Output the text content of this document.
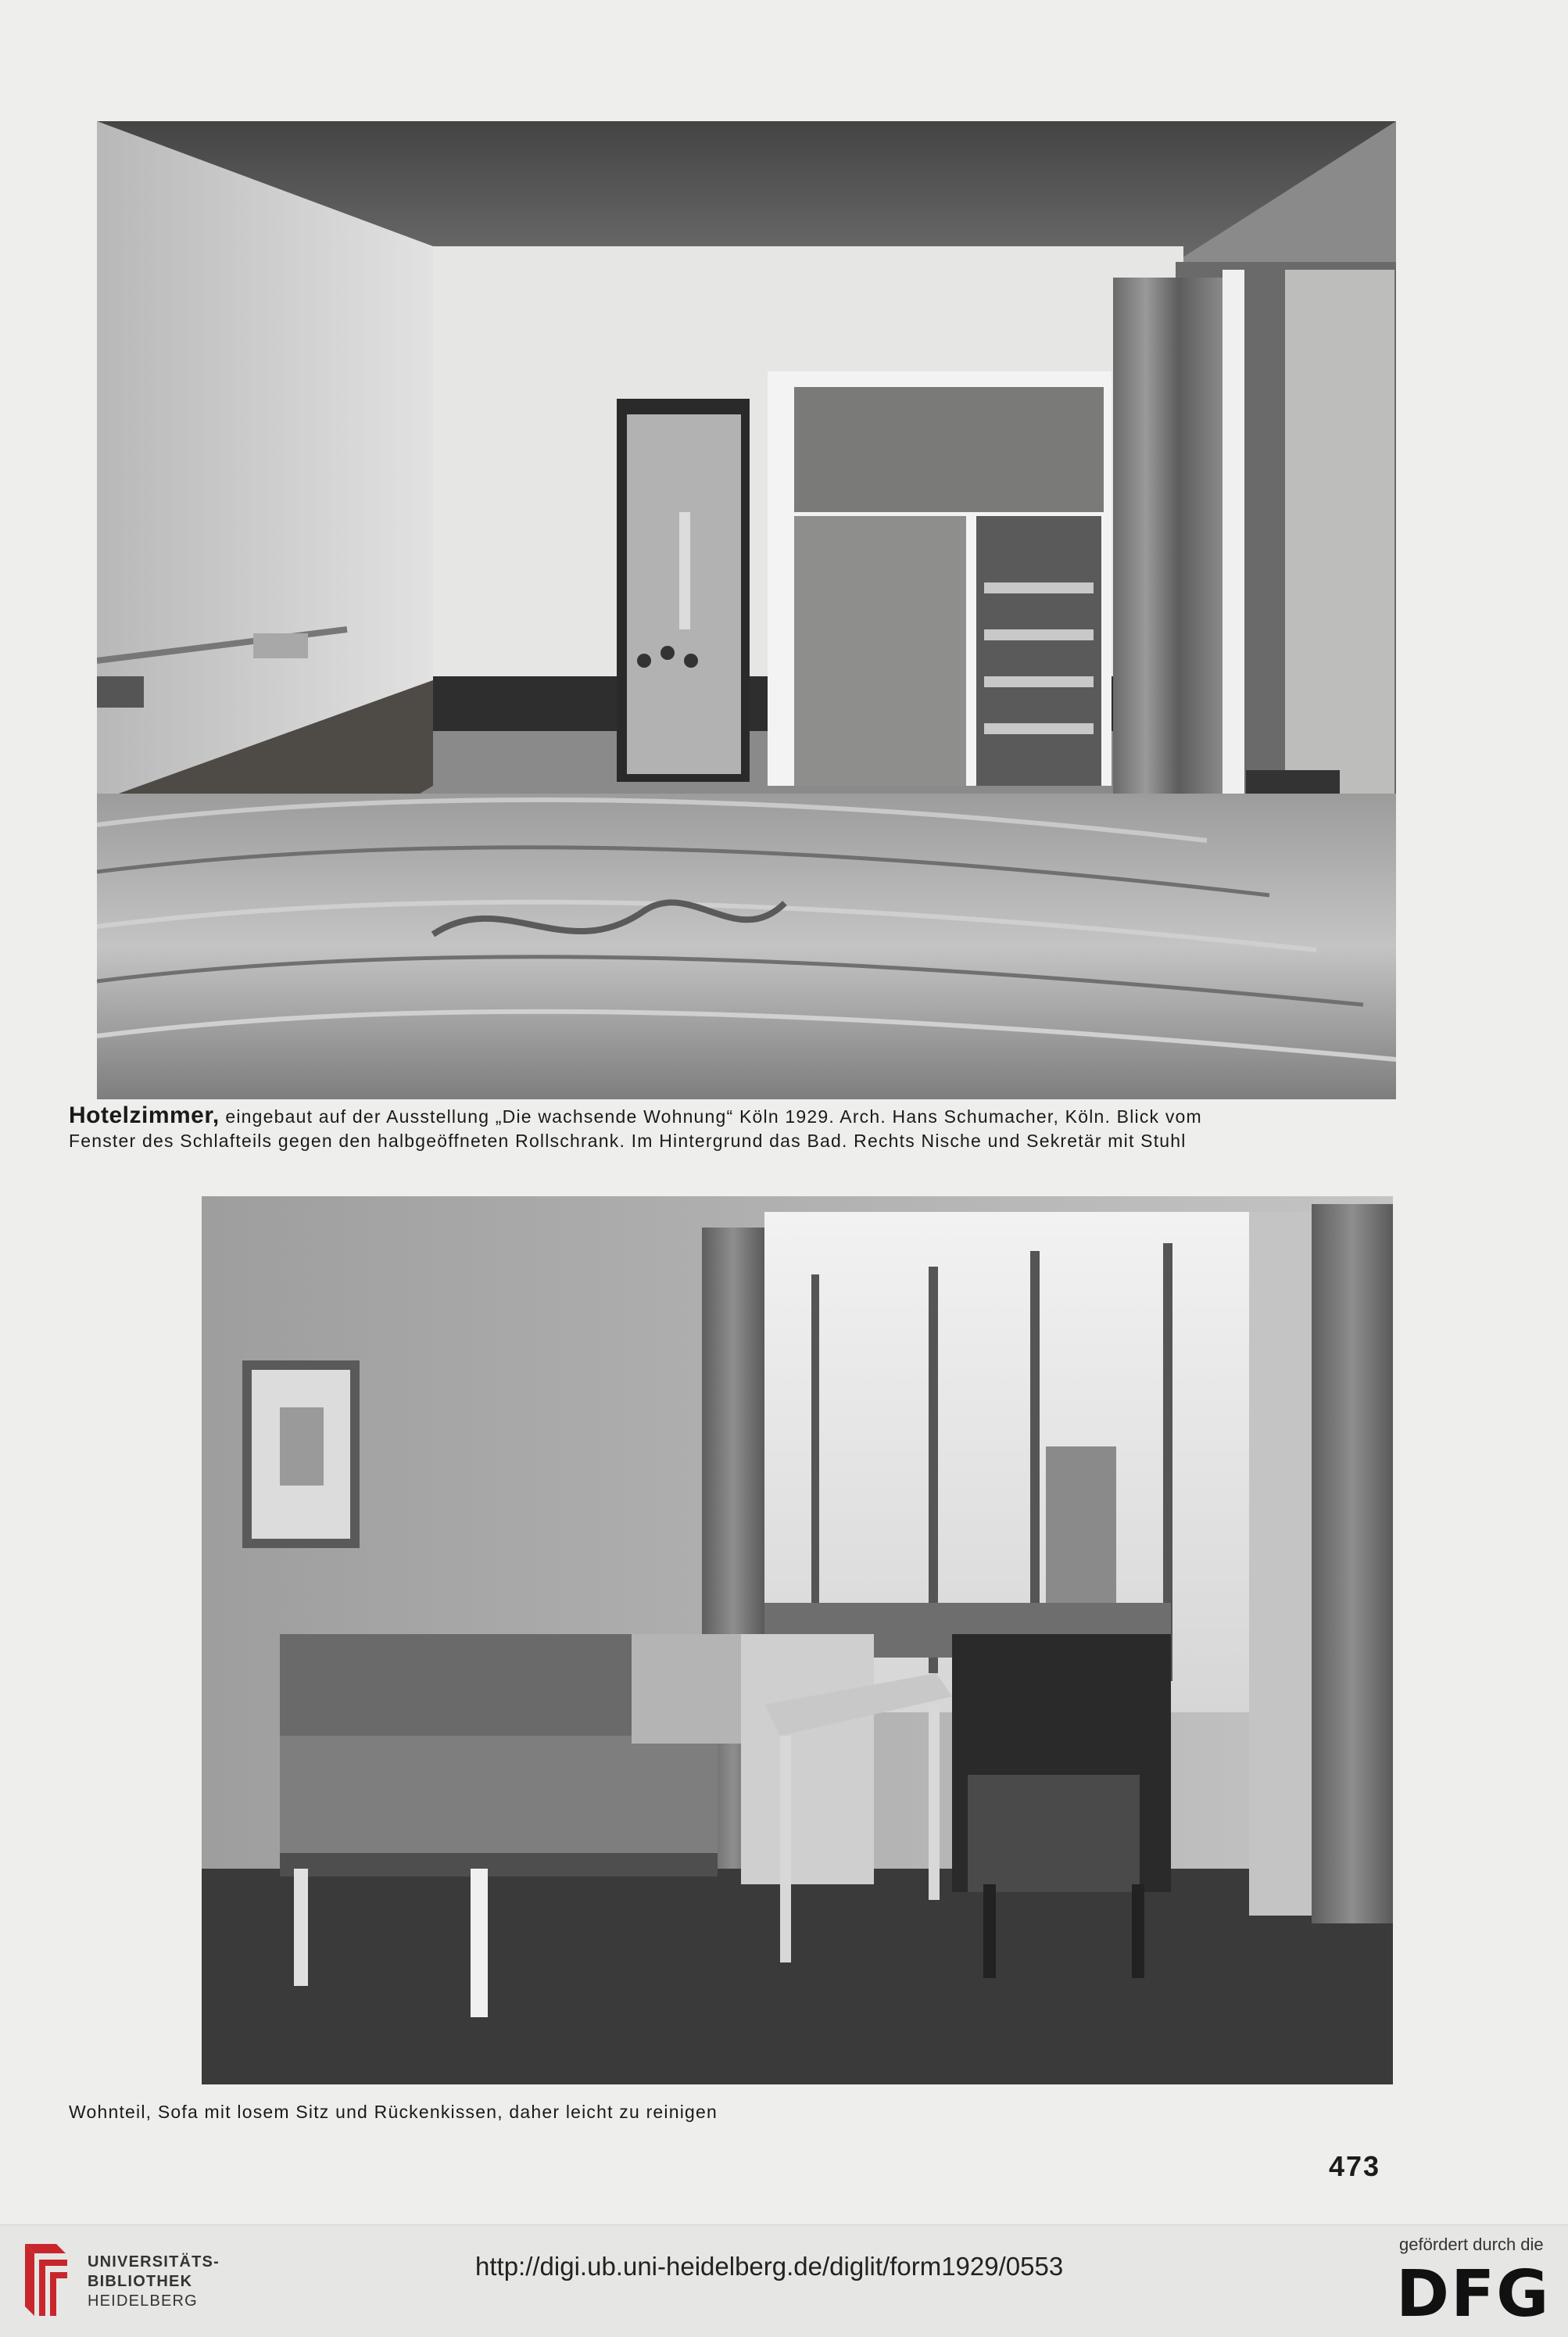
Hotelzimmer, eingebaut auf der Ausstellung „Die wachsende Wohnung“ Köln 1929. Arch. Hans Schumacher, Köln. Blick vom
Fenster des Schlafteils gegen den halbgeöffneten Rollschrank. Im Hintergrund das Bad. Rechts Nische und Sekretär mit Stuhl
Wohnteil, Sofa mit losem Sitz und Rückenkissen, daher leicht zu reinigen
473
UNIVERSITÄTS-
BIBLIOTHEK
HEIDELBERG
http://digi.ub.uni-heidelberg.de/diglit/form1929/0553
gefördert durch die
DFG
